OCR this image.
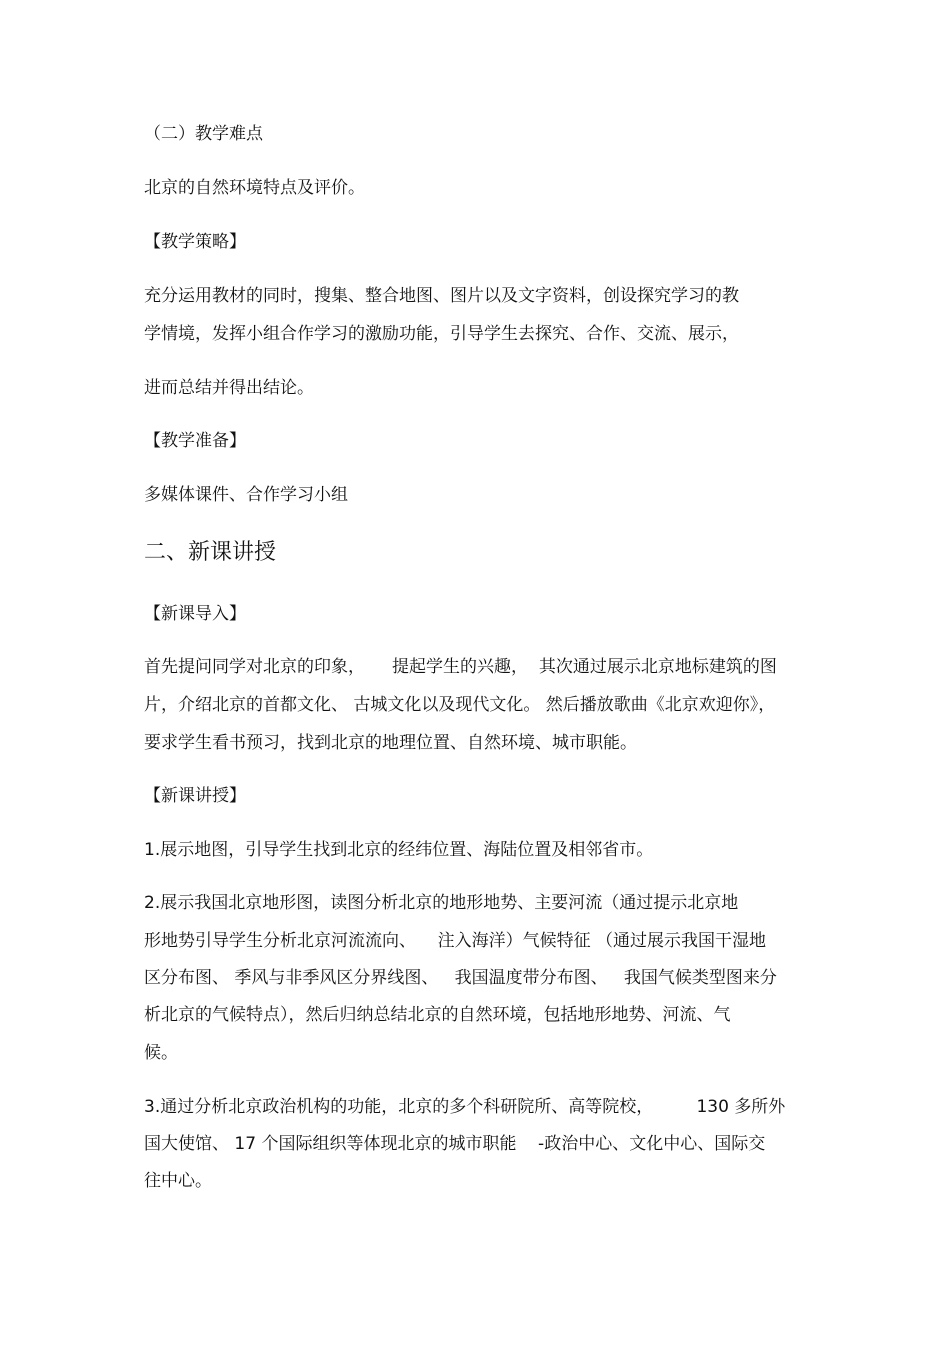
（二）教学难点
北京的自然环境特点及评价。
【教学策略】
充分运用教材的同时，搜集、整合地图、图片以及文字资料，创设探究学习的教
学情境，发挥小组合作学习的激励功能，引导学生去探究、合作、交流、展示，
进而总结并得出结论。
【教学准备】
多媒体课件、合作学习小组
二、新课讲授
【新课导入】
首先提问同学对北京的印象，     提起学生的兴趣，  其次通过展示北京地标建筑的图
片，介绍北京的首都文化、 古城文化以及现代文化。 然后播放歌曲《北京欢迎你》，
要求学生看书预习，找到北京的地理位置、自然环境、城市职能。
【新课讲授】
1.展示地图，引导学生找到北京的经纬位置、海陆位置及相邻省市。
2.展示我国北京地形图，读图分析北京的地形地势、主要河流（通过提示北京地
形地势引导学生分析北京河流流向、    注入海洋）气候特征 （通过展示我国干湿地
区分布图、 季风与非季风区分界线图、   我国温度带分布图、   我国气候类型图来分
析北京的气候特点），然后归纳总结北京的自然环境，包括地形地势、河流、气
候。
3.通过分析北京政治机构的功能，北京的多个科研院所、高等院校，        130 多所外
国大使馆、 17 个国际组织等体现北京的城市职能    -政治中心、文化中心、国际交
往中心。
